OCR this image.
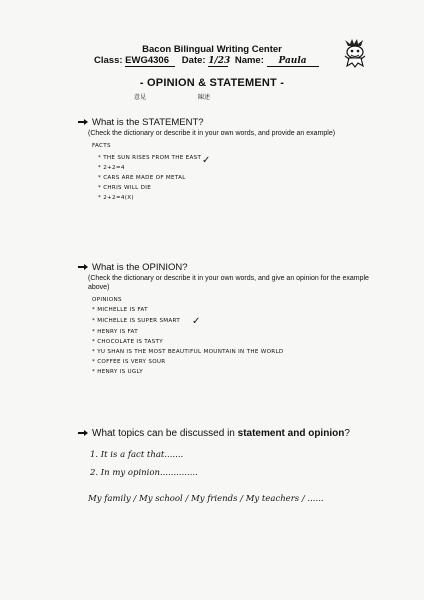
Bacon Bilingual Writing Center
Class: EWG4306 Date: 1/23 Name: Paula
- OPINION & STATEMENT -
意見	陳述
What is the STATEMENT?
(Check the dictionary or describe it in your own words, and provide an example)
FACTS
* THE SUN RISES FROM THE EAST
* 2+2=4
* CARS ARE MADE OF METAL
* CHRIS WILL DIE
* 2+2=4(X)
✓
What is the OPINION?
(Check the dictionary or describe it in your own words, and give an opinion for the example above)
OPINIONS
* MICHELLE IS FAT
* MICHELLE IS SUPER SMART
* HENRY IS FAT
* CHOCOLATE IS TASTY
* YU SHAN IS THE MOST BEAUTIFUL MOUNTAIN IN THE WORLD
* COFFEE IS VERY SOUR
* HENRY IS UGLY
✓
What topics can be discussed in statement and opinion?
1. It is a fact that.......
2. In my opinion..............
My family / My school / My friends / My teachers / ......
